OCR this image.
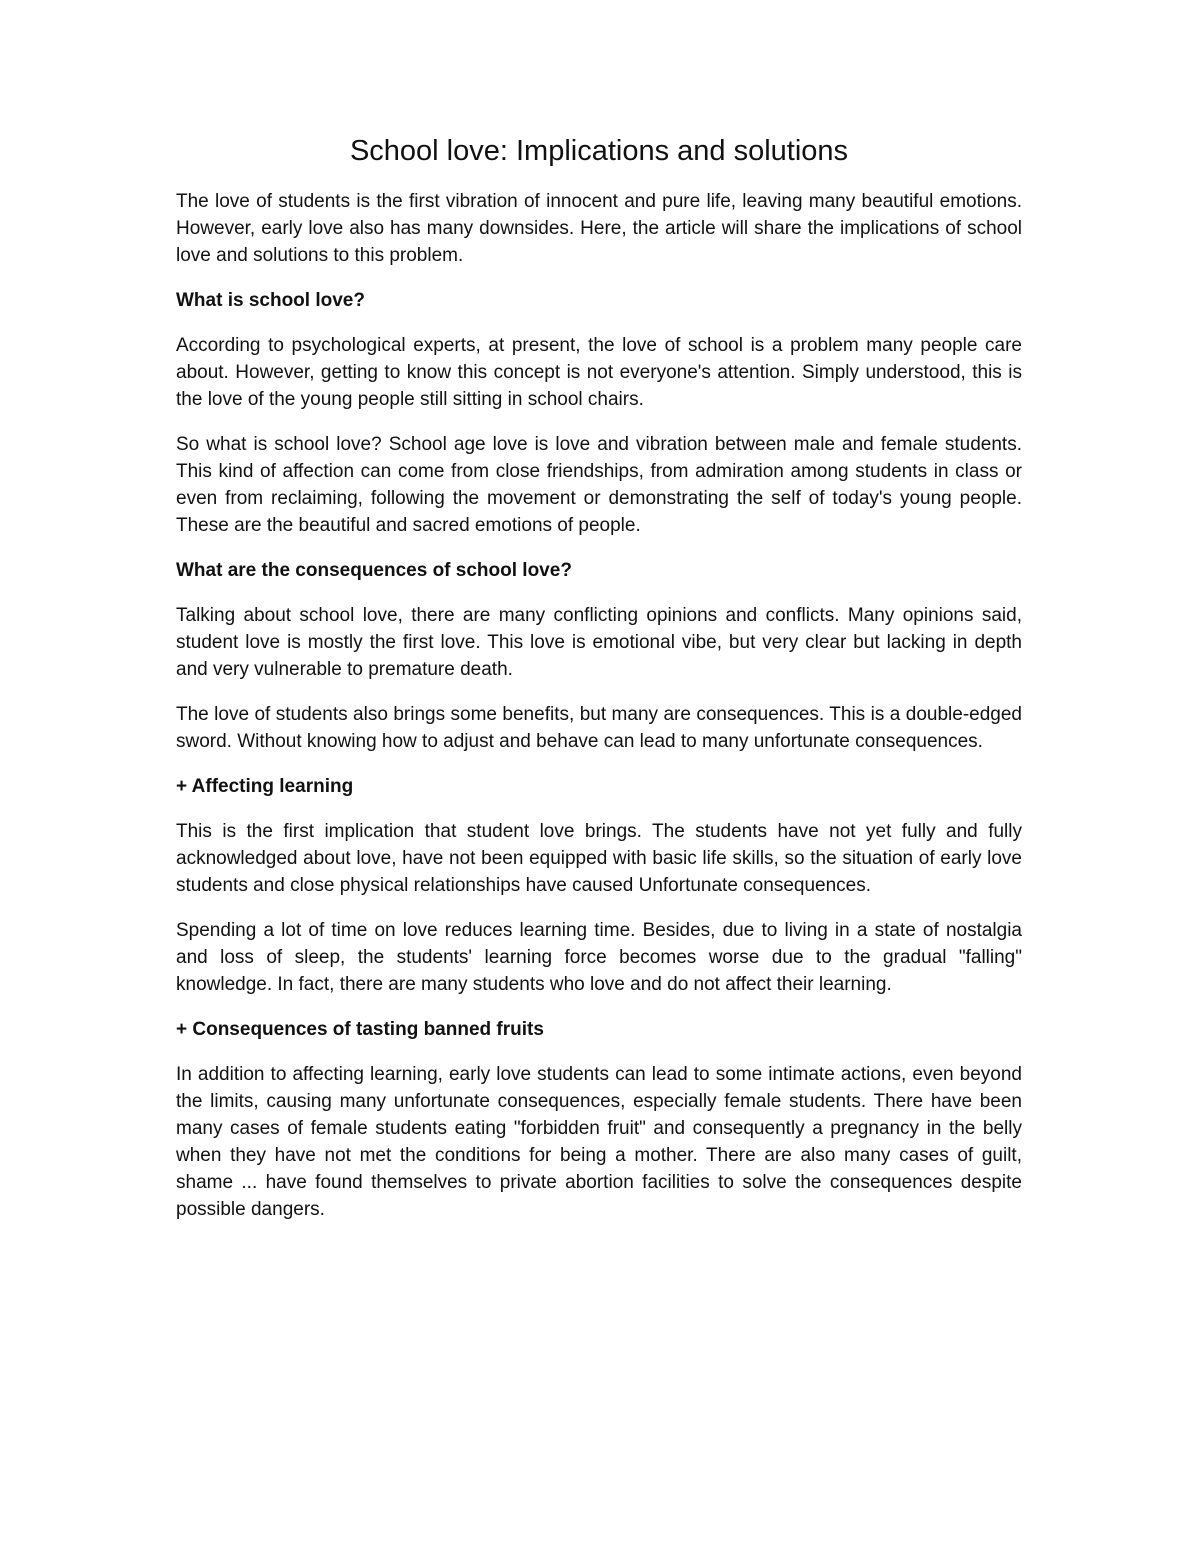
School love: Implications and solutions

The love of students is the first vibration of innocent and pure life, leaving many beautiful emotions. However, early love also has many downsides. Here, the article will share the implications of school love and solutions to this problem.

What is school love?

According to psychological experts, at present, the love of school is a problem many people care about. However, getting to know this concept is not everyone's attention. Simply understood, this is the love of the young people still sitting in school chairs.

So what is school love? School age love is love and vibration between male and female students. This kind of affection can come from close friendships, from admiration among students in class or even from reclaiming, following the movement or demonstrating the self of today's young people. These are the beautiful and sacred emotions of people.

What are the consequences of school love?

Talking about school love, there are many conflicting opinions and conflicts. Many opinions said, student love is mostly the first love. This love is emotional vibe, but very clear but lacking in depth and very vulnerable to premature death.

The love of students also brings some benefits, but many are consequences. This is a double-edged sword. Without knowing how to adjust and behave can lead to many unfortunate consequences.

+ Affecting learning

This is the first implication that student love brings. The students have not yet fully and fully acknowledged about love, have not been equipped with basic life skills, so the situation of early love students and close physical relationships have caused Unfortunate consequences.

Spending a lot of time on love reduces learning time. Besides, due to living in a state of nostalgia and loss of sleep, the students' learning force becomes worse due to the gradual "falling" knowledge. In fact, there are many students who love and do not affect their learning.

+ Consequences of tasting banned fruits

In addition to affecting learning, early love students can lead to some intimate actions, even beyond the limits, causing many unfortunate consequences, especially female students. There have been many cases of female students eating "forbidden fruit" and consequently a pregnancy in the belly when they have not met the conditions for being a mother. There are also many cases of guilt, shame ... have found themselves to private abortion facilities to solve the consequences despite possible dangers.
